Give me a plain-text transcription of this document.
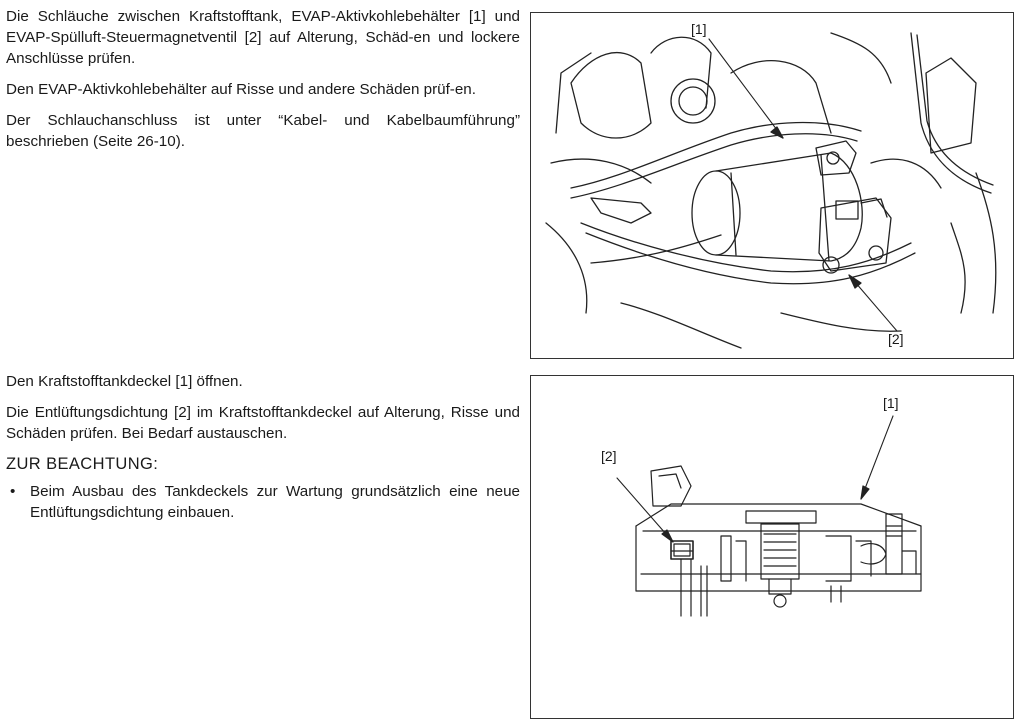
Die Schläuche zwischen Kraftstofftank, EVAP-Aktivkohlebehälter [1] und EVAP-Spülluft-Steuermagnetventil [2] auf Alterung, Schäd-en und lockere Anschlüsse prüfen.

Den EVAP-Aktivkohlebehälter auf Risse und andere Schäden prüf-en.

Der Schlauchanschluss ist unter “Kabel- und Kabelbaumführung” beschrieben (Seite 26-10).

[1]
[2]

Den Kraftstofftankdeckel [1] öffnen.

Die Entlüftungsdichtung [2] im Kraftstofftankdeckel auf Alterung, Risse und Schäden prüfen. Bei Bedarf austauschen.

ZUR BEACHTUNG:
• Beim Ausbau des Tankdeckels zur Wartung grundsätzlich eine neue Entlüftungsdichtung einbauen.
[1]
[2]
